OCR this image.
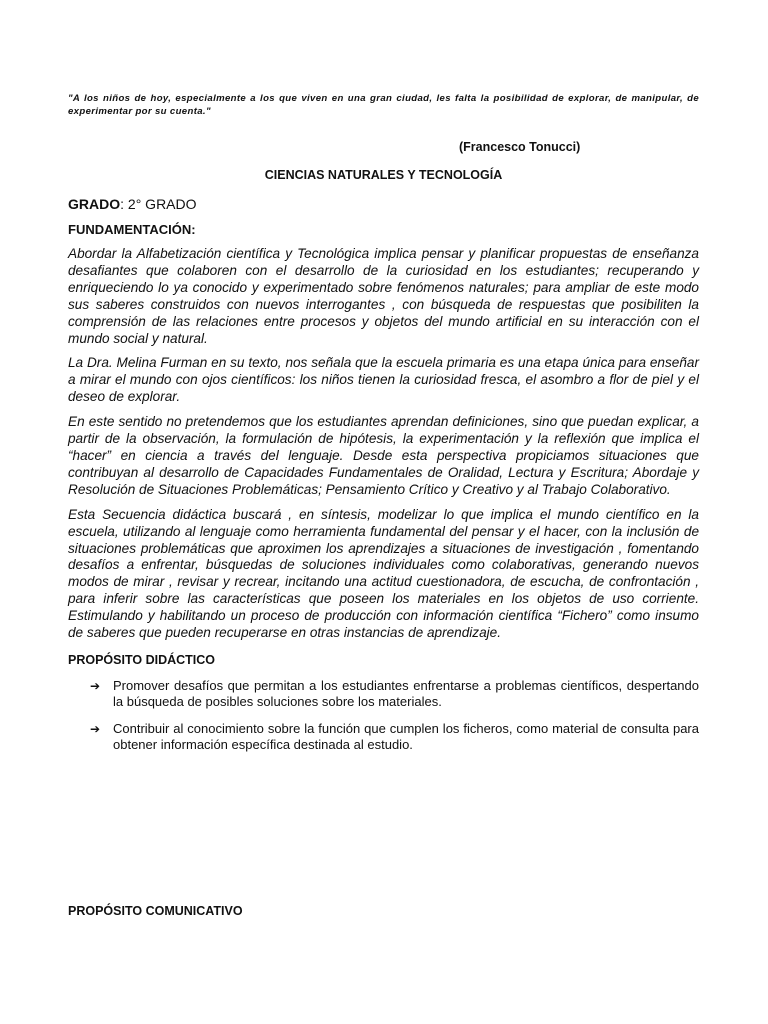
"A los niños de hoy, especialmente a los que viven en una gran ciudad, les falta la posibilidad de explorar, de manipular, de experimentar por su cuenta."

(Francesco Tonucci)

CIENCIAS NATURALES Y TECNOLOGÍA

GRADO: 2° GRADO

FUNDAMENTACIÓN:

Abordar la Alfabetización científica y Tecnológica implica pensar y planificar propuestas de enseñanza desafiantes que colaboren con el desarrollo de la curiosidad en los estudiantes; recuperando y enriqueciendo lo ya conocido y experimentado sobre fenómenos naturales; para ampliar de este modo sus saberes construidos con nuevos interrogantes , con búsqueda de respuestas que posibiliten la comprensión de las relaciones entre procesos y objetos del mundo artificial en su interacción con el mundo social y natural.

La Dra. Melina Furman en su texto, nos señala que la escuela primaria es una etapa única para enseñar a mirar el mundo con ojos científicos: los niños tienen la curiosidad fresca, el asombro a flor de piel y el deseo de explorar.

En este sentido no pretendemos que los estudiantes aprendan definiciones, sino que puedan explicar, a partir de la observación, la formulación de hipótesis, la experimentación y la reflexión que implica el “hacer” en ciencia a través del lenguaje. Desde esta perspectiva propiciamos situaciones que contribuyan al desarrollo de Capacidades Fundamentales de Oralidad, Lectura y Escritura; Abordaje y Resolución de Situaciones Problemáticas; Pensamiento Crítico y Creativo y al Trabajo Colaborativo.

Esta Secuencia didáctica buscará , en síntesis, modelizar lo que implica el mundo científico en la escuela, utilizando al lenguaje como herramienta fundamental del pensar y el hacer, con la inclusión de situaciones problemáticas que aproximen los aprendizajes a situaciones de investigación , fomentando desafíos a enfrentar, búsquedas de soluciones individuales como colaborativas, generando nuevos modos de mirar , revisar y recrear, incitando una actitud cuestionadora, de escucha, de confrontación , para inferir sobre las características que poseen los materiales en los objetos de uso corriente. Estimulando y habilitando un proceso de producción con información científica “Fichero” como insumo de saberes que pueden recuperarse en otras instancias de aprendizaje.

PROPÓSITO DIDÁCTICO

➔ Promover desafíos que permitan a los estudiantes enfrentarse a problemas científicos, despertando la búsqueda de posibles soluciones sobre los materiales.
➔ Contribuir al conocimiento sobre la función que cumplen los ficheros, como material de consulta para obtener información específica destinada al estudio.

PROPÓSITO COMUNICATIVO
